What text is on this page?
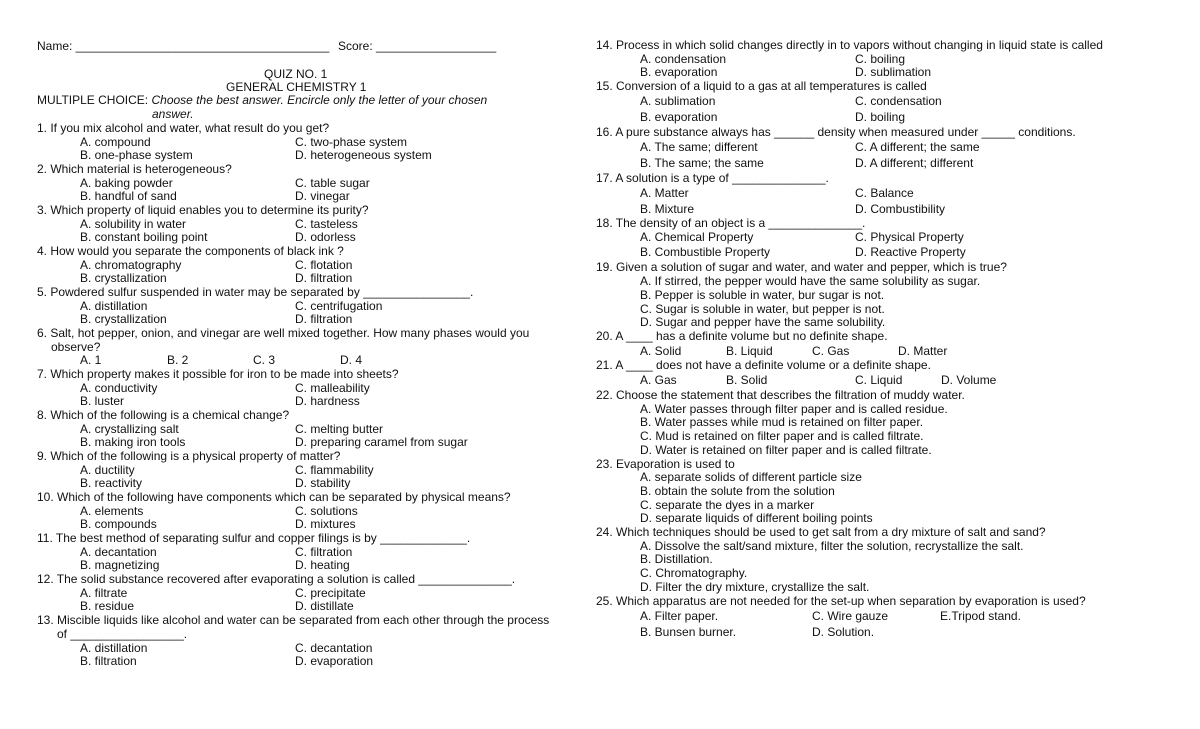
Name: ______________________________________ Score: __________________
QUIZ NO. 1
GENERAL CHEMISTRY 1
MULTIPLE CHOICE: Choose the best answer. Encircle only the letter of your chosen
answer.
1. If you mix alcohol and water, what result do you get?
A. compound	C. two-phase system
B. one-phase system	D. heterogeneous system
2. Which material is heterogeneous?
A. baking powder	C. table sugar
B. handful of sand	D. vinegar
3. Which property of liquid enables you to determine its purity?
A. solubility in water	C. tasteless
B. constant boiling point	D. odorless
4. How would you separate the components of black ink ?
A. chromatography	C. flotation
B. crystallization	D. filtration
5. Powdered sulfur suspended in water may be separated by ________________.
A. distillation	C. centrifugation
B. crystallization	D. filtration
6. Salt, hot pepper, onion, and vinegar are well mixed together. How many phases would you
observe?
A. 1	B. 2	C. 3	D. 4
7. Which property makes it possible for iron to be made into sheets?
A. conductivity	C. malleability
B. luster	D. hardness
8. Which of the following is a chemical change?
A. crystallizing salt	C. melting butter
B. making iron tools	D. preparing caramel from sugar
9. Which of the following is a physical property of matter?
A. ductility	C. flammability
B. reactivity	D. stability
10. Which of the following have components which can be separated by physical means?
A. elements	C. solutions
B. compounds	D. mixtures
11. The best method of separating sulfur and copper filings is by _____________.
A. decantation	C. filtration
B. magnetizing	D. heating
12. The solid substance recovered after evaporating a solution is called ______________.
A. filtrate	C. precipitate
B. residue	D. distillate
13. Miscible liquids like alcohol and water can be separated from each other through the process
of _________________.
A. distillation	C. decantation
B. filtration	D. evaporation
14. Process in which solid changes directly in to vapors without changing in liquid state is called
A. condensation	C. boiling
B. evaporation	D. sublimation
15. Conversion of a liquid to a gas at all temperatures is called
A. sublimation	C. condensation
B. evaporation	D. boiling
16. A pure substance always has ______ density when measured under _____ conditions.
A. The same; different	C. A different; the same
B. The same; the same	D. A different; different
17. A solution is a type of ______________.
A. Matter	C. Balance
B. Mixture	D. Combustibility
18. The density of an object is a ______________.
A. Chemical Property	C. Physical Property
B. Combustible Property	D. Reactive Property
19. Given a solution of sugar and water, and water and pepper, which is true?
A. If stirred, the pepper would have the same solubility as sugar.
B. Pepper is soluble in water, bur sugar is not.
C. Sugar is soluble in water, but pepper is not.
D. Sugar and pepper have the same solubility.
20. A ____ has a definite volume but no definite shape.
A. Solid	B. Liquid	C. Gas	D. Matter
21. A ____ does not have a definite volume or a definite shape.
A. Gas	B. Solid	C. Liquid	D. Volume
22. Choose the statement that describes the filtration of muddy water.
A. Water passes through filter paper and is called residue.
B. Water passes while mud is retained on filter paper.
C. Mud is retained on filter paper and is called filtrate.
D. Water is retained on filter paper and is called filtrate.
23. Evaporation is used to
A. separate solids of different particle size
B. obtain the solute from the solution
C. separate the dyes in a marker
D. separate liquids of different boiling points
24. Which techniques should be used to get salt from a dry mixture of salt and sand?
A. Dissolve the salt/sand mixture, filter the solution, recrystallize the salt.
B. Distillation.
C. Chromatography.
D. Filter the dry mixture, crystallize the salt.
25. Which apparatus are not needed for the set-up when separation by evaporation is used?
A. Filter paper.	C. Wire gauze	E.Tripod stand.
B. Bunsen burner.	D. Solution.
